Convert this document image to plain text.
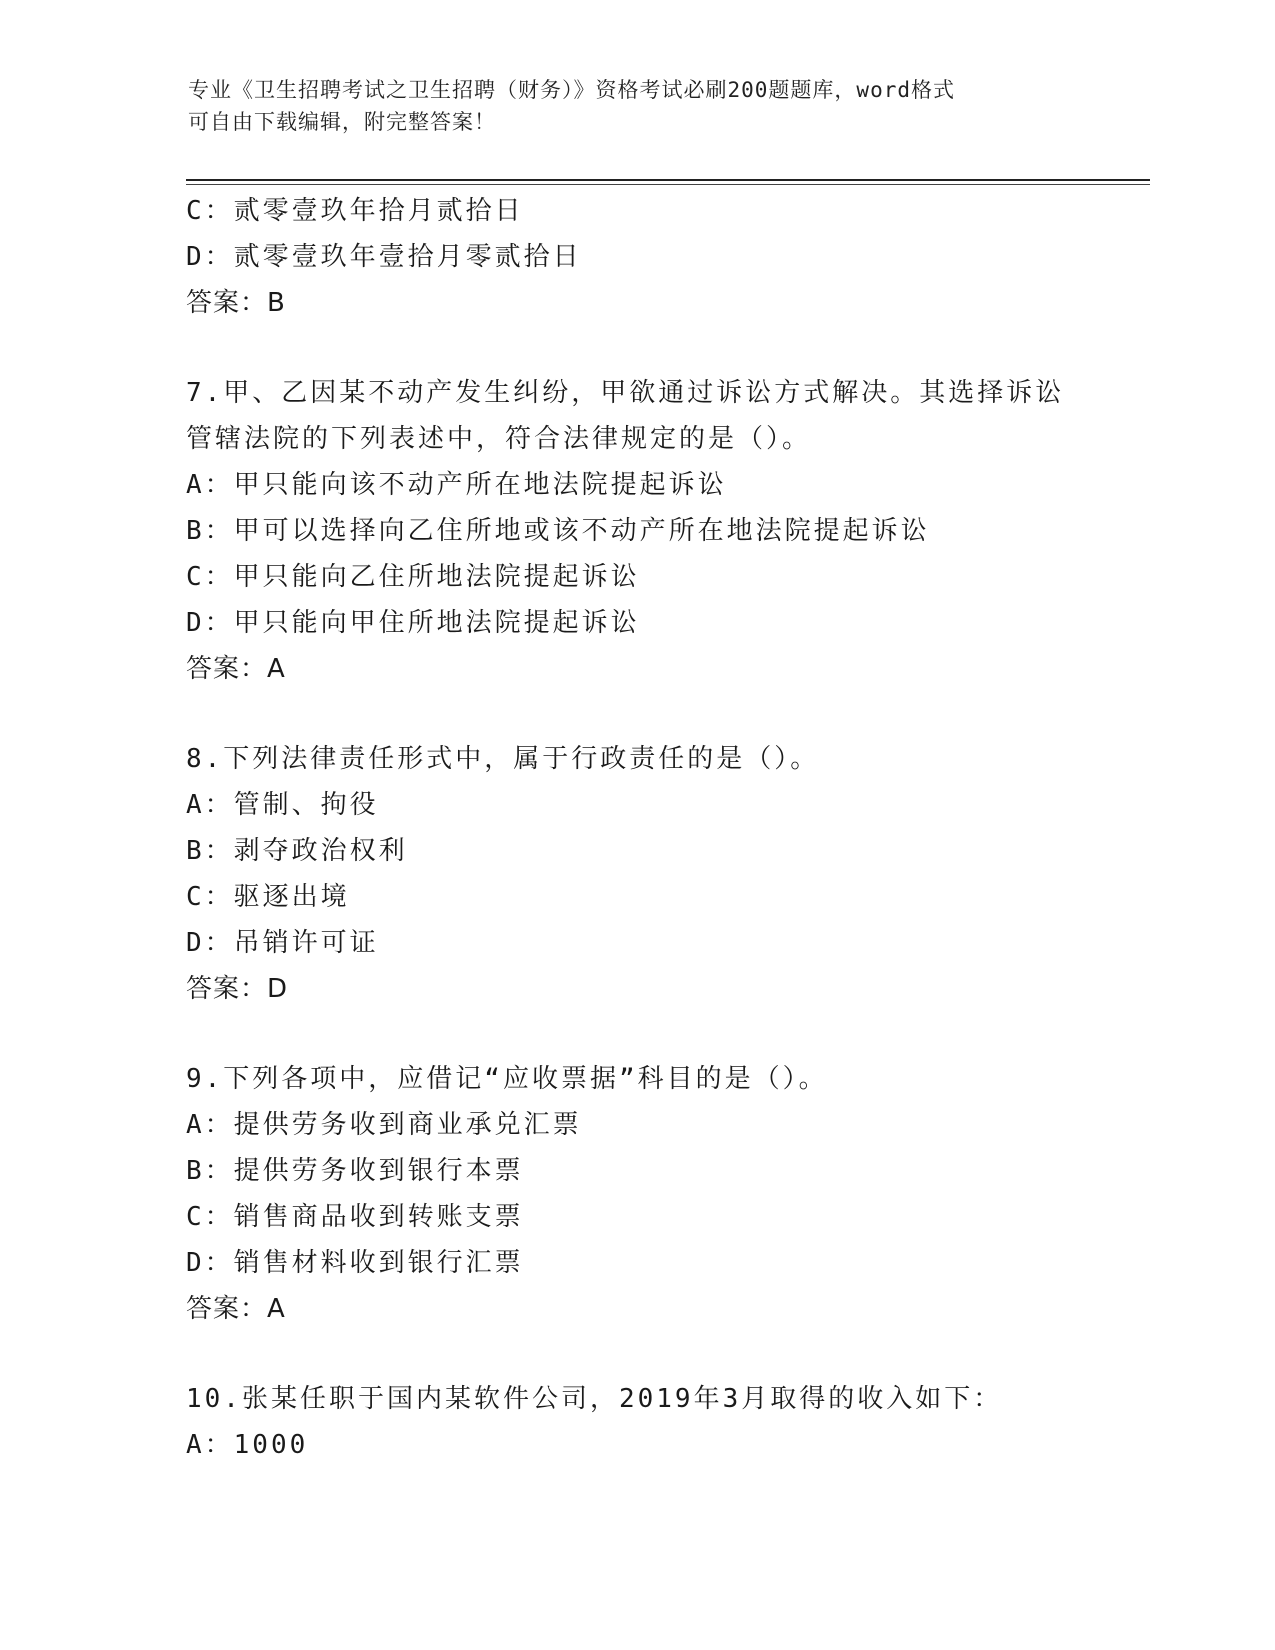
专业《卫生招聘考试之卫生招聘（财务）》资格考试必刷200题题库，word格式
可自由下载编辑，附完整答案！
C：贰零壹玖年拾月贰拾日
D：贰零壹玖年壹拾月零贰拾日
答案：B
7.甲、乙因某不动产发生纠纷，甲欲通过诉讼方式解决。其选择诉讼
管辖法院的下列表述中，符合法律规定的是（）。
A：甲只能向该不动产所在地法院提起诉讼
B：甲可以选择向乙住所地或该不动产所在地法院提起诉讼
C：甲只能向乙住所地法院提起诉讼
D：甲只能向甲住所地法院提起诉讼
答案：A
8.下列法律责任形式中，属于行政责任的是（）。
A：管制、拘役
B：剥夺政治权利
C：驱逐出境
D：吊销许可证
答案：D
9.下列各项中，应借记“应收票据”科目的是（）。
A：提供劳务收到商业承兑汇票
B：提供劳务收到银行本票
C：销售商品收到转账支票
D：销售材料收到银行汇票
答案：A
10.张某任职于国内某软件公司，2019年3月取得的收入如下：
A：1000
